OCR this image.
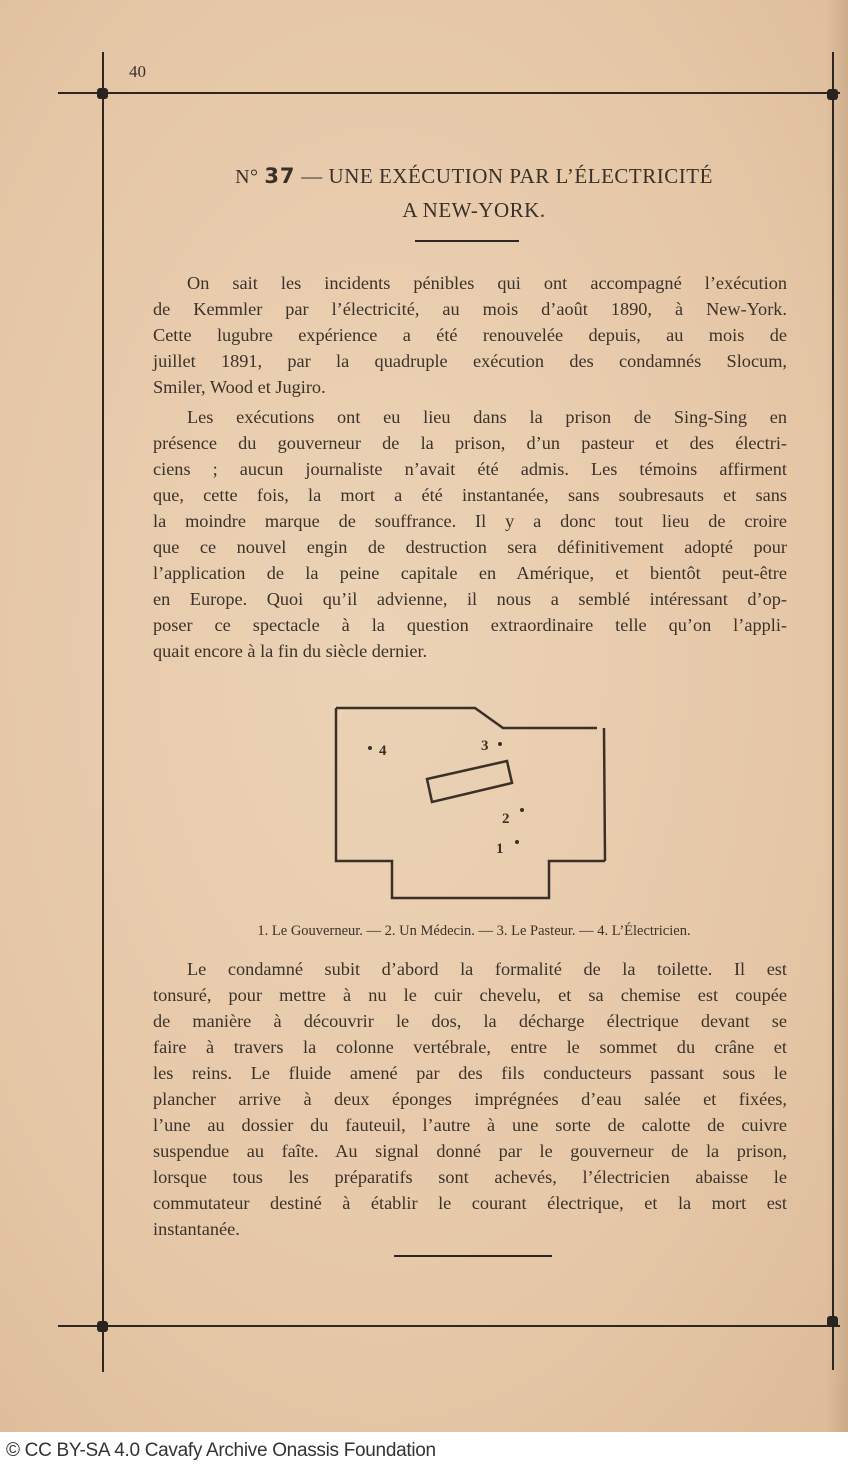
40
N° 37 — UNE EXÉCUTION PAR L’ÉLECTRICITÉ
A NEW-YORK.
On sait les incidents pénibles qui ont accompagné l’exécution
de Kemmler par l’électricité, au mois d’août 1890, à New-York.
Cette lugubre expérience a été renouvelée depuis, au mois de
juillet 1891, par la quadruple exécution des condamnés Slocum,
Smiler, Wood et Jugiro.
Les exécutions ont eu lieu dans la prison de Sing-Sing en
présence du gouverneur de la prison, d’un pasteur et des électri-
ciens ; aucun journaliste n’avait été admis. Les témoins affirment
que, cette fois, la mort a été instantanée, sans soubresauts et sans
la moindre marque de souffrance. Il y a donc tout lieu de croire
que ce nouvel engin de destruction sera définitivement adopté pour
l’application de la peine capitale en Amérique, et bientôt peut-être
en Europe. Quoi qu’il advienne, il nous a semblé intéressant d’op-
poser ce spectacle à la question extraordinaire telle qu’on l’appli-
quait encore à la fin du siècle dernier.
4	3
2
1
1. Le Gouverneur. — 2. Un Médecin. — 3. Le Pasteur. — 4. L’Électricien.
Le condamné subit d’abord la formalité de la toilette. Il est
tonsuré, pour mettre à nu le cuir chevelu, et sa chemise est coupée
de manière à découvrir le dos, la décharge électrique devant se
faire à travers la colonne vertébrale, entre le sommet du crâne et
les reins. Le fluide amené par des fils conducteurs passant sous le
plancher arrive à deux éponges imprégnées d’eau salée et fixées,
l’une au dossier du fauteuil, l’autre à une sorte de calotte de cuivre
suspendue au faîte. Au signal donné par le gouverneur de la prison,
lorsque tous les préparatifs sont achevés, l’électricien abaisse le
commutateur destiné à établir le courant électrique, et la mort est
instantanée.
© CC BY-SA 4.0 Cavafy Archive Onassis Foundation
